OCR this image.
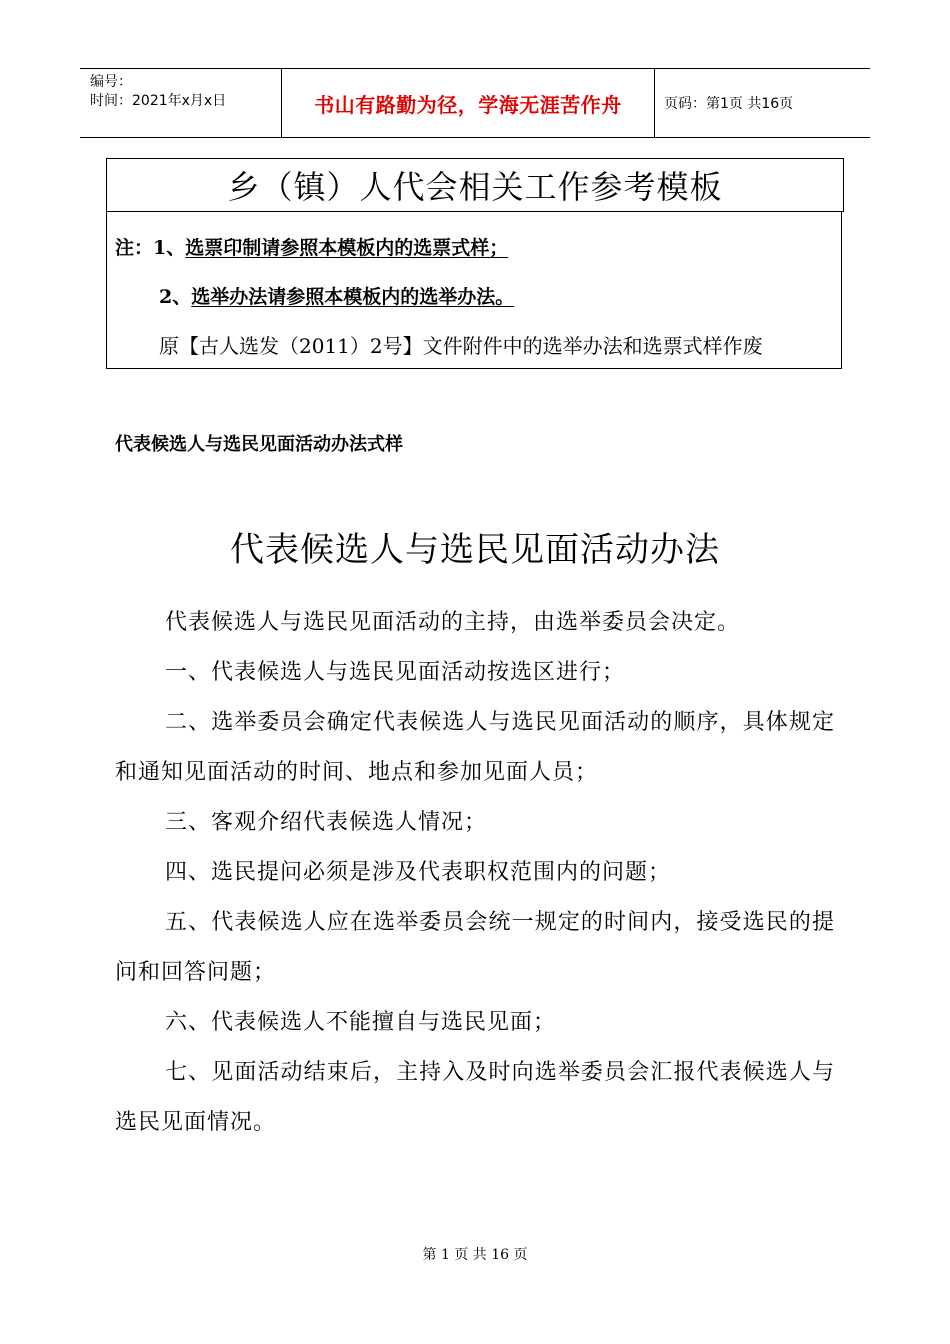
编号：
时间：2021年x月x日	书山有路勤为径，学海无涯苦作舟	页码：第1页 共16页
乡（镇）人代会相关工作参考模板
注：1、选票印制请参照本模板内的选票式样；
2、选举办法请参照本模板内的选举办法。
原【古人选发（2011）2号】文件附件中的选举办法和选票式样作废
代表候选人与选民见面活动办法式样
代表候选人与选民见面活动办法

代表候选人与选民见面活动的主持，由选举委员会决定。

一、代表候选人与选民见面活动按选区进行；

二、选举委员会确定代表候选人与选民见面活动的顺序，具体规定和通知见面活动的时间、地点和参加见面人员；

三、客观介绍代表候选人情况；

四、选民提问必须是涉及代表职权范围内的问题；

五、代表候选人应在选举委员会统一规定的时间内，接受选民的提问和回答问题；

六、代表候选人不能擅自与选民见面；

七、见面活动结束后，主持入及时向选举委员会汇报代表候选人与选民见面情况。

第 1 页 共 16 页
